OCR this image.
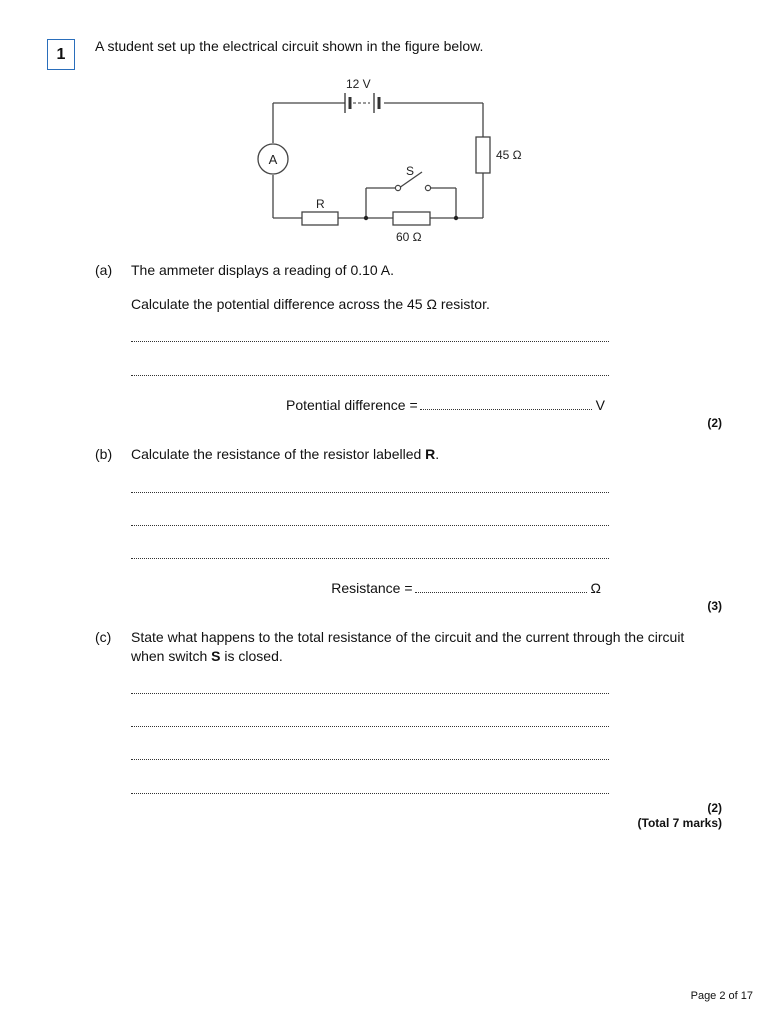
1 A student set up the electrical circuit shown in the figure below.
12 V
A	45 Ω
S
R
60 Ω
(a) The ammeter displays a reading of 0.10 A.
Calculate the potential difference across the 45 Ω resistor.
Potential difference =	V
(2)
(b) Calculate the resistance of the resistor labelled R.
Resistance =	Ω
(3)
(c) State what happens to the total resistance of the circuit and the current through the circuit
when switch S is closed.
(2)
(Total 7 marks)
Page 2 of 17
